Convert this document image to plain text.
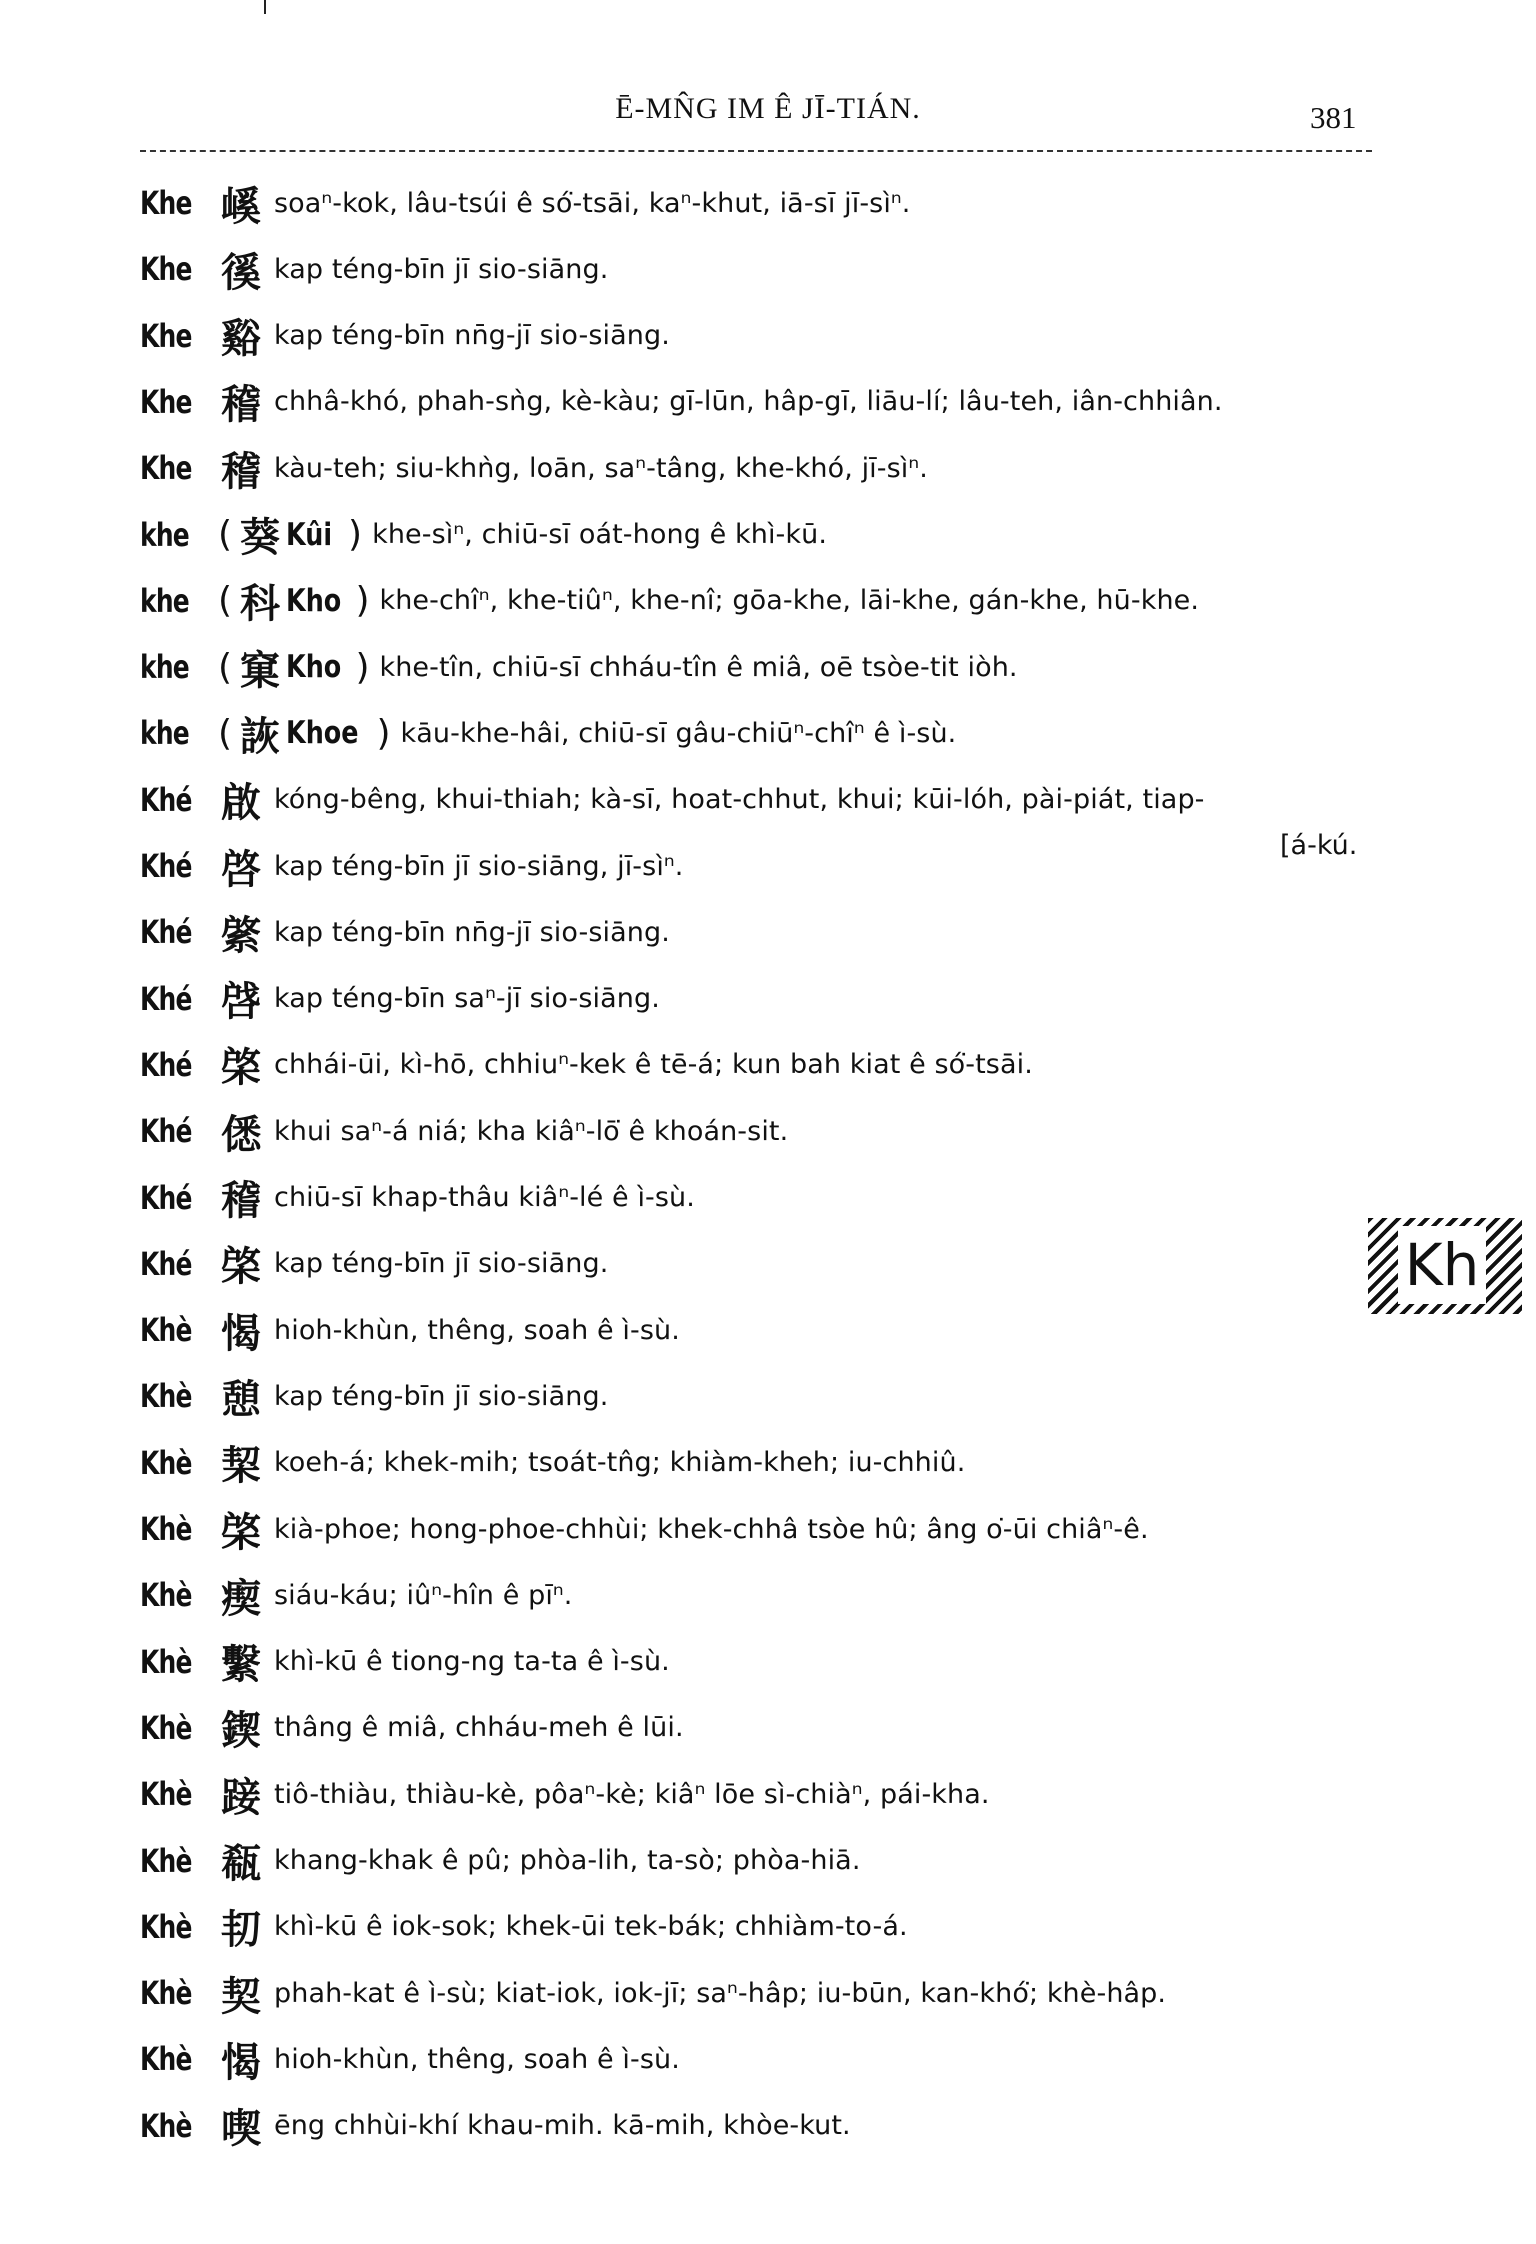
Ē-MN̂G IM Ê JĪ-TIÁN.	381
Khe 嵠 soaⁿ-kok, lâu-tsúi ê só͘-tsāi, kaⁿ-khut, iā-sī jī-sìⁿ.
Khe 徯 kap téng-bīn jī sio-siāng.
Khe 谿 kap téng-bīn nn̄g-jī sio-siāng.
Khe 稽 chhâ-khó, phah-sǹg, kè-kàu; gī-lūn, hâp-gī, liāu-lí; lâu-teh, iân-chhiân.
Khe 稽 kàu-teh; siu-khǹg, loān, saⁿ-tâng, khe-khó, jī-sìⁿ.
khe ( 葵 Kûi ) khe-sìⁿ, chiū-sī oát-hong ê khì-kū.
khe ( 科 Kho ) khe-chîⁿ, khe-tiûⁿ, khe-nî; gōa-khe, lāi-khe, gán-khe, hū-khe.
khe ( 窠 Kho ) khe-tîn, chiū-sī chháu-tîn ê miâ, oē tsòe-tit iòh.
khe ( 詼 Khoe ) kāu-khe-hâi, chiū-sī gâu-chiūⁿ-chîⁿ ê ì-sù.
Khé 啟 kóng-bêng, khui-thiah; kà-sī, hoat-chhut, khui; kūi-lóh, pài-piát, tiap-
Khé 啓 kap téng-bīn jī sio-siāng, jī-sìⁿ.
Khé 綮 kap téng-bīn nn̄g-jī sio-siāng.
Khé 啔 kap téng-bīn saⁿ-jī sio-siāng.
Khé 棨 chhái-ūi, kì-hō, chhiuⁿ-kek ê tē-á; kun bah kiat ê só͘-tsāi.
Khé 僁 khui saⁿ-á niá; kha kiâⁿ-lō͘ ê khoán-sit.
Khé 稽 chiū-sī khap-thâu kiâⁿ-lé ê ì-sù.
Khé 棨 kap téng-bīn jī sio-siāng.
Khè 愒 hioh-khùn, thêng, soah ê ì-sù.
Khè 憩 kap téng-bīn jī sio-siāng.
Khè 栔 koeh-á; khek-mih; tsoát-tn̂g; khiàm-kheh; iu-chhiû.
Khè 棨 kià-phoe; hong-phoe-chhùi; khek-chhâ tsòe hû; âng o͘-ūi chiâⁿ-ê.
Khè 瘈 siáu-káu; iûⁿ-hîn ê pīⁿ.
Khè 繫 khì-kū ê tiong-ng ta-ta ê ì-sù.
Khè 鍥 thâng ê miâ, chháu-meh ê lūi.
Khè 踥 tiô-thiàu, thiàu-kè, pôaⁿ-kè; kiâⁿ lōe sì-chiàⁿ, pái-kha.
Khè 瓻 khang-khak ê pû; phòa-lih, ta-sò; phòa-hiā.
Khè 㓞 khì-kū ê iok-sok; khek-ūi tek-bák; chhiàm-to-á.
Khè 契 phah-kat ê ì-sù; kiat-iok, iok-jī; saⁿ-hâp; iu-būn, kan-khó͘; khè-hâp.
Khè 愒 hioh-khùn, thêng, soah ê ì-sù.
Khè 喫 ēng chhùi-khí khau-mih. kā-mih, khòe-kut.
[á-kú.
Kh
